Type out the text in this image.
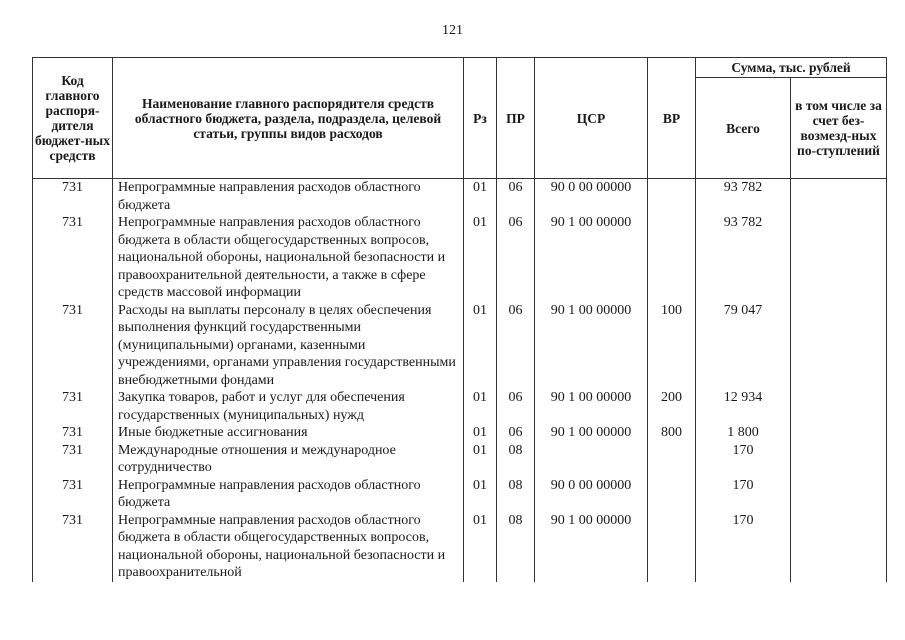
121
Код главного распоря-дителя бюджет-ных средств	Наименование главного распорядителя средств областного бюджета, раздела, подраздела, целевой статьи, группы видов расходов	Рз	ПР	ЦСР	ВР	Сумма, тыс. рублей	
						Всего	в том числе за счет без-возмезд-ных по-ступлений
731	Непрограммные направления расходов областного бюджета	01	06	90 0 00 00000		93 782	
731	Непрограммные направления расходов областного бюджета в области общегосударственных вопросов, национальной обороны, национальной безопасности и правоохранительной деятельности, а также в сфере средств массовой информации	01	06	90 1 00 00000		93 782	
731	Расходы на выплаты персоналу в целях обеспечения выполнения функций государственными (муниципальными) органами, казенными учреждениями, органами управления государственными внебюджетными фондами	01	06	90 1 00 00000	100	79 047	
731	Закупка товаров, работ и услуг для обеспечения государственных (муниципальных) нужд	01	06	90 1 00 00000	200	12 934	
731	Иные бюджетные ассигнования	01	06	90 1 00 00000	800	1 800	
731	Международные отношения и международное сотрудничество	01	08			170	
731	Непрограммные направления расходов областного бюджета	01	08	90 0 00 00000		170	
731	Непрограммные направления расходов областного бюджета в области общегосударственных вопросов, национальной обороны, национальной безопасности и правоохранительной	01	08	90 1 00 00000		170	
